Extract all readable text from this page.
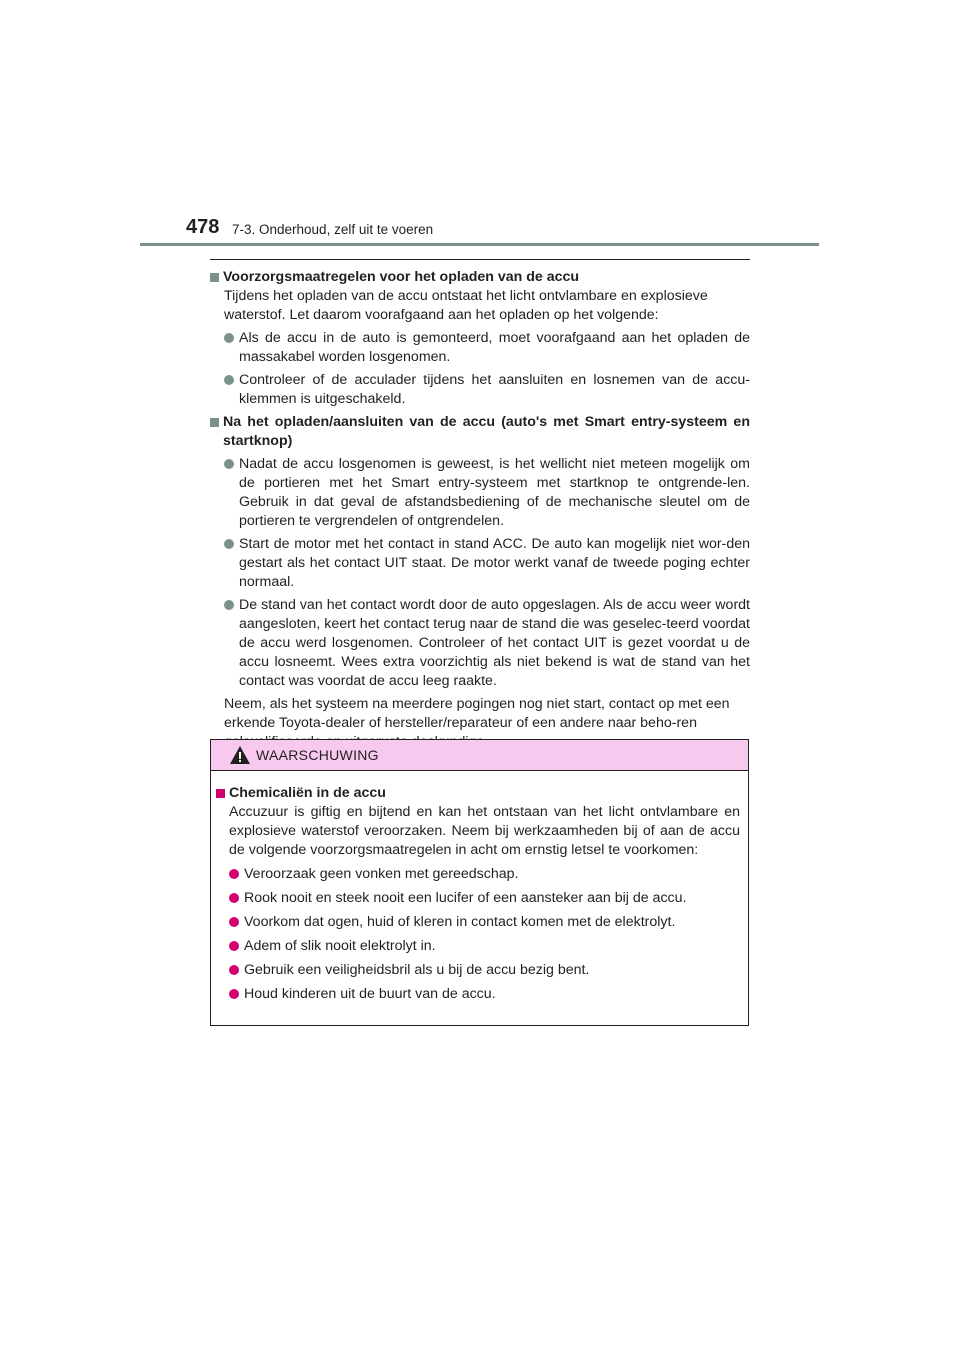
478 7-3. Onderhoud, zelf uit te voeren
Voorzorgsmaatregelen voor het opladen van de accu
Tijdens het opladen van de accu ontstaat het licht ontvlambare en explosieve waterstof. Let daarom voorafgaand aan het opladen op het volgende:
Als de accu in de auto is gemonteerd, moet voorafgaand aan het opladen de massakabel worden losgenomen.
Controleer of de acculader tijdens het aansluiten en losnemen van de accu-klemmen is uitgeschakeld.
Na het opladen/aansluiten van de accu (auto's met Smart entry-systeem en startknop)
Nadat de accu losgenomen is geweest, is het wellicht niet meteen mogelijk om de portieren met het Smart entry-systeem met startknop te ontgrende-len. Gebruik in dat geval de afstandsbediening of de mechanische sleutel om de portieren te vergrendelen of ontgrendelen.
Start de motor met het contact in stand ACC. De auto kan mogelijk niet wor-den gestart als het contact UIT staat. De motor werkt vanaf de tweede poging echter normaal.
De stand van het contact wordt door de auto opgeslagen. Als de accu weer wordt aangesloten, keert het contact terug naar de stand die was geselec-teerd voordat de accu werd losgenomen. Controleer of het contact UIT is gezet voordat u de accu losneemt. Wees extra voorzichtig als niet bekend is wat de stand van het contact was voordat de accu leeg raakte.
Neem, als het systeem na meerdere pogingen nog niet start, contact op met een erkende Toyota-dealer of hersteller/reparateur of een andere naar beho-ren
WAARSCHUWING
Chemicaliën in de accu
Accuzuur is giftig en bijtend en kan het ontstaan van het licht ontvlambare en explosieve waterstof veroorzaken. Neem bij werkzaamheden bij of aan de accu de volgende voorzorgsmaatregelen in acht om ernstig letsel te voorkomen:
Veroorzaak geen vonken met gereedschap.
Rook nooit en steek nooit een lucifer of een aansteker aan bij de accu.
Voorkom dat ogen, huid of kleren in contact komen met de elektrolyt.
Adem of slik nooit elektrolyt in.
Gebruik een veiligheidsbril als u bij de accu bezig bent.
Houd kinderen uit de buurt van de accu.
